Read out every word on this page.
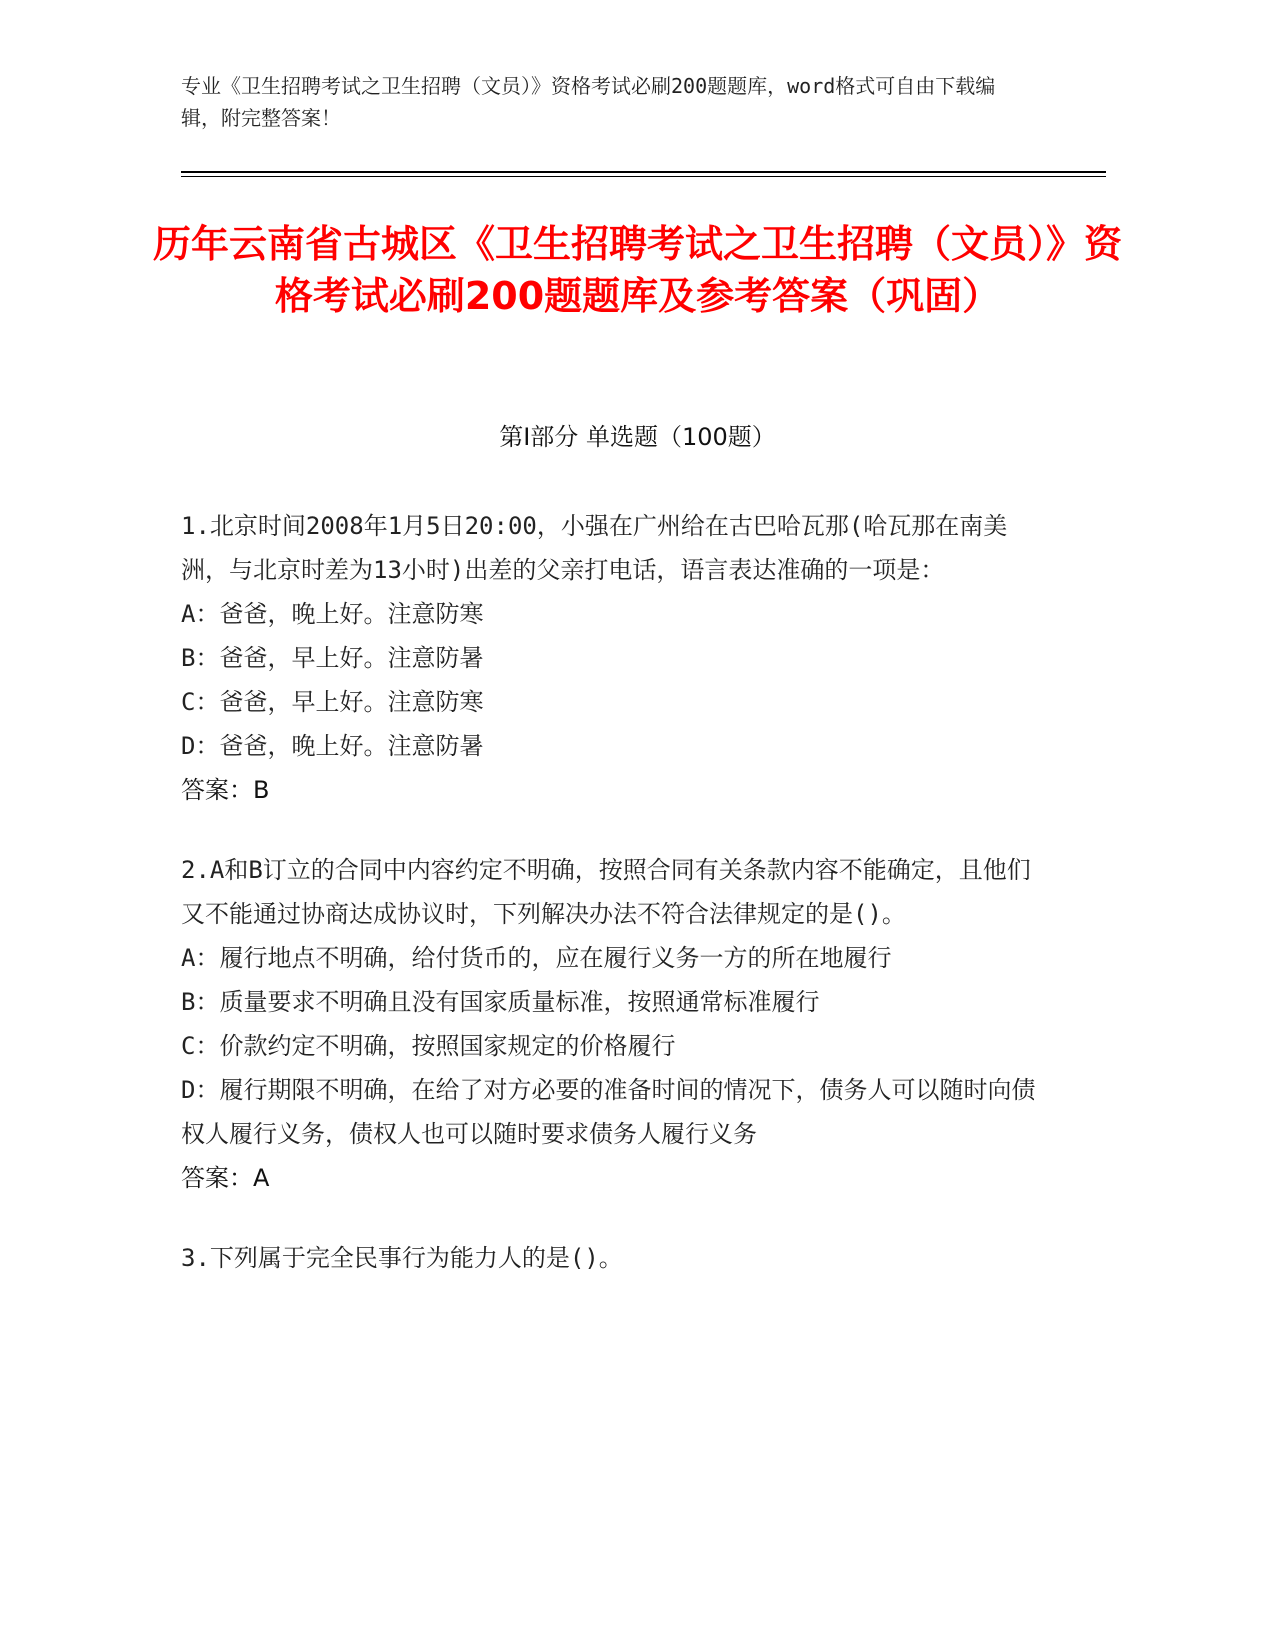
专业《卫生招聘考试之卫生招聘（文员）》资格考试必刷200题题库，word格式可自由下载编辑，附完整答案！
历年云南省古城区《卫生招聘考试之卫生招聘（文员）》资格考试必刷200题题库及参考答案（巩固）
第Ⅰ部分 单选题（100题）
1.北京时间2008年1月5日20:00，小强在广州给在古巴哈瓦那(哈瓦那在南美洲，与北京时差为13小时)出差的父亲打电话，语言表达准确的一项是：
A：爸爸，晚上好。注意防寒
B：爸爸，早上好。注意防暑
C：爸爸，早上好。注意防寒
D：爸爸，晚上好。注意防暑
答案：B
2.A和B订立的合同中内容约定不明确，按照合同有关条款内容不能确定，且他们又不能通过协商达成协议时，下列解决办法不符合法律规定的是()。
A：履行地点不明确，给付货币的，应在履行义务一方的所在地履行
B：质量要求不明确且没有国家质量标准，按照通常标准履行
C：价款约定不明确，按照国家规定的价格履行
D：履行期限不明确，在给了对方必要的准备时间的情况下，债务人可以随时向债权人履行义务，债权人也可以随时要求债务人履行义务
答案：A
3.下列属于完全民事行为能力人的是()。
